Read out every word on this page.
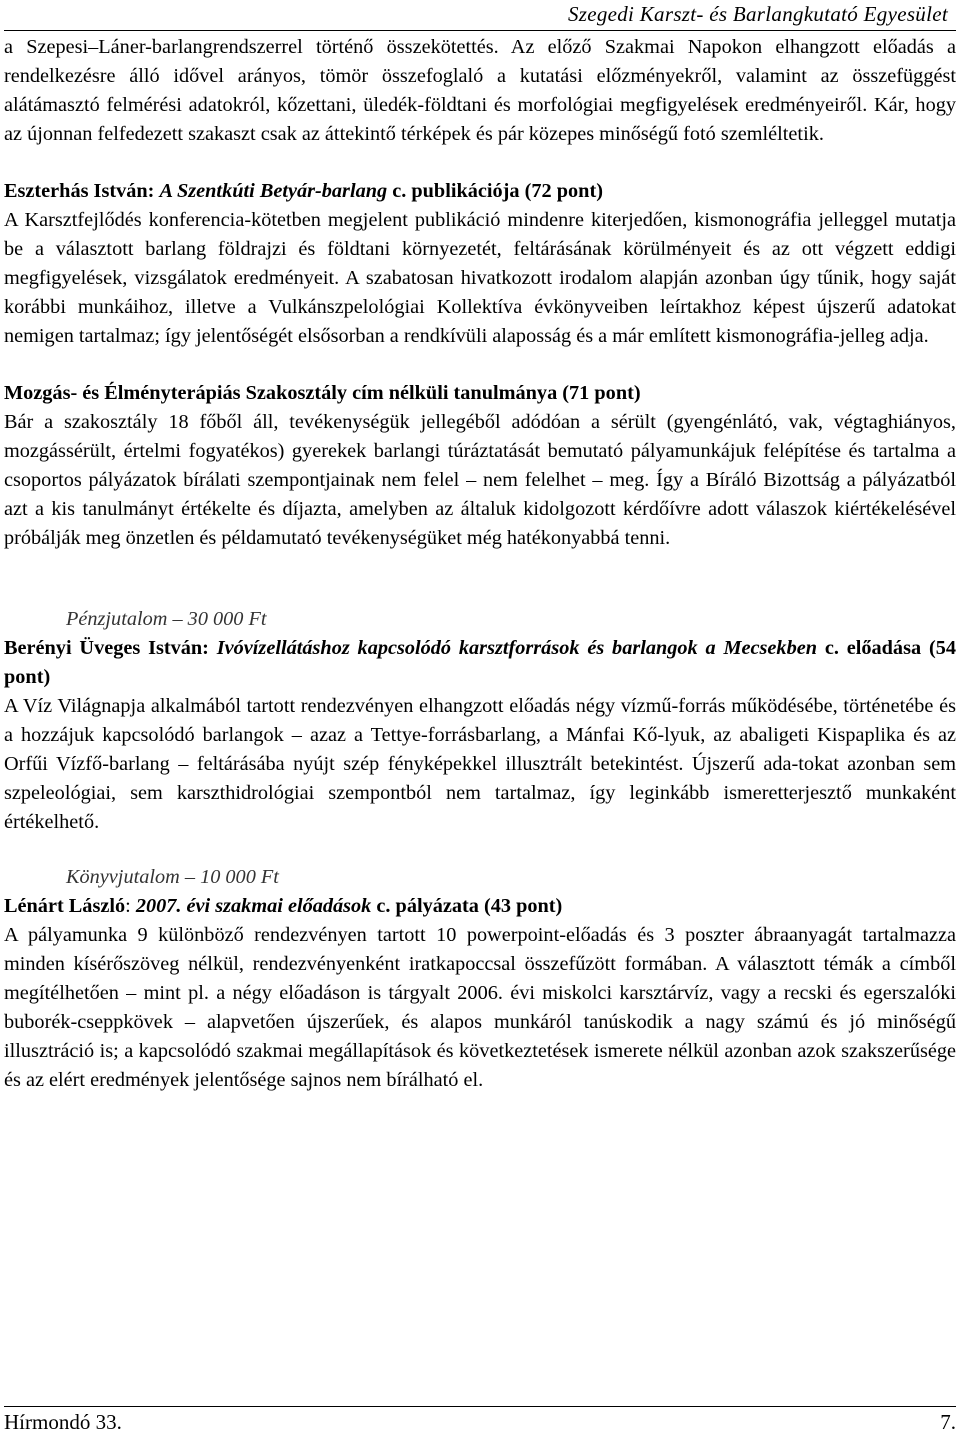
Szegedi Karszt- és Barlangkutató Egyesület

a Szepesi–Láner-barlangrendszerrel történő összekötettés. Az előző Szakmai Napokon elhangzott előadás a rendelkezésre álló idővel arányos, tömör összefoglaló a kutatási előzményekről, valamint az összefüggést alátámasztó felmérési adatokról, kőzettani, üledék-földtani és morfológiai megfigyelések eredményeiről. Kár, hogy az újonnan felfedezett szakaszt csak az áttekintő térképek és pár közepes minőségű fotó szemléltetik.

Eszterhás István: A Szentkúti Betyár-barlang c. publikációja (72 pont)

A Karsztfejlődés konferencia-kötetben megjelent publikáció mindenre kiterjedően, kismonográfia jelleggel mutatja be a választott barlang földrajzi és földtani környezetét, feltárásának körülményeit és az ott végzett eddigi megfigyelések, vizsgálatok eredményeit. A szabatosan hivatkozott irodalom alapján azonban úgy tűnik, hogy saját korábbi munkáihoz, illetve a Vulkánszpelológiai Kollektíva évkönyveiben leírtakhoz képest újszerű adatokat nemigen tartalmaz; így jelentőségét elsősorban a rendkívüli alaposság és a már említett kismonográfia-jelleg adja.

Mozgás- és Élményterápiás Szakosztály cím nélküli tanulmánya (71 pont)

Bár a szakosztály 18 főből áll, tevékenységük jellegéből adódóan a sérült (gyengénlátó, vak, végtaghiányos, mozgássérült, értelmi fogyatékos) gyerekek barlangi túráztatását bemutató pályamunkájuk felépítése és tartalma a csoportos pályázatok bírálati szempontjainak nem felel – nem felelhet – meg. Így a Bíráló Bizottság a pályázatból azt a kis tanulmányt értékelte és díjazta, amelyben az általuk kidolgozott kérdőívre adott válaszok kiértékelésével próbálják meg önzetlen és példamutató tevékenységüket még hatékonyabbá tenni.

Pénzjutalom – 30 000 Ft

Berényi Üveges István: Ivóvízellátáshoz kapcsolódó karsztforrások és barlangok a Mecsekben c. előadása (54 pont)

A Víz Világnapja alkalmából tartott rendezvényen elhangzott előadás négy vízmű-forrás működésébe, történetébe és a hozzájuk kapcsolódó barlangok – azaz a Tettye-forrásbarlang, a Mánfai Kő-lyuk, az abaligeti Kispaplika és az Orfűi Vízfő-barlang – feltárásába nyújt szép fényképekkel illusztrált betekintést. Újszerű ada-tokat azonban sem szpeleológiai, sem karszthidrológiai szempontból nem tartalmaz, így leginkább ismeretterjesztő munkaként értékelhető.

Könyvjutalom – 10 000 Ft

Lénárt László: 2007. évi szakmai előadások c. pályázata (43 pont)

A pályamunka 9 különböző rendezvényen tartott 10 powerpoint-előadás és 3 poszter ábraanyagát tartalmazza minden kísérőszöveg nélkül, rendezvényenként iratkapoccsal összefűzött formában. A választott témák a címből megítélhetően – mint pl. a négy előadáson is tárgyalt 2006. évi miskolci karsztárvíz, vagy a recski és egerszalóki buborék-cseppkövek – alapvetően újszerűek, és alapos munkáról tanúskodik a nagy számú és jó minőségű illusztráció is; a kapcsolódó szakmai megállapítások és következtetések ismerete nélkül azonban azok szakszerűsége és az elért eredmények jelentősége sajnos nem bírálható el.

Hírmondó 33.	7.
